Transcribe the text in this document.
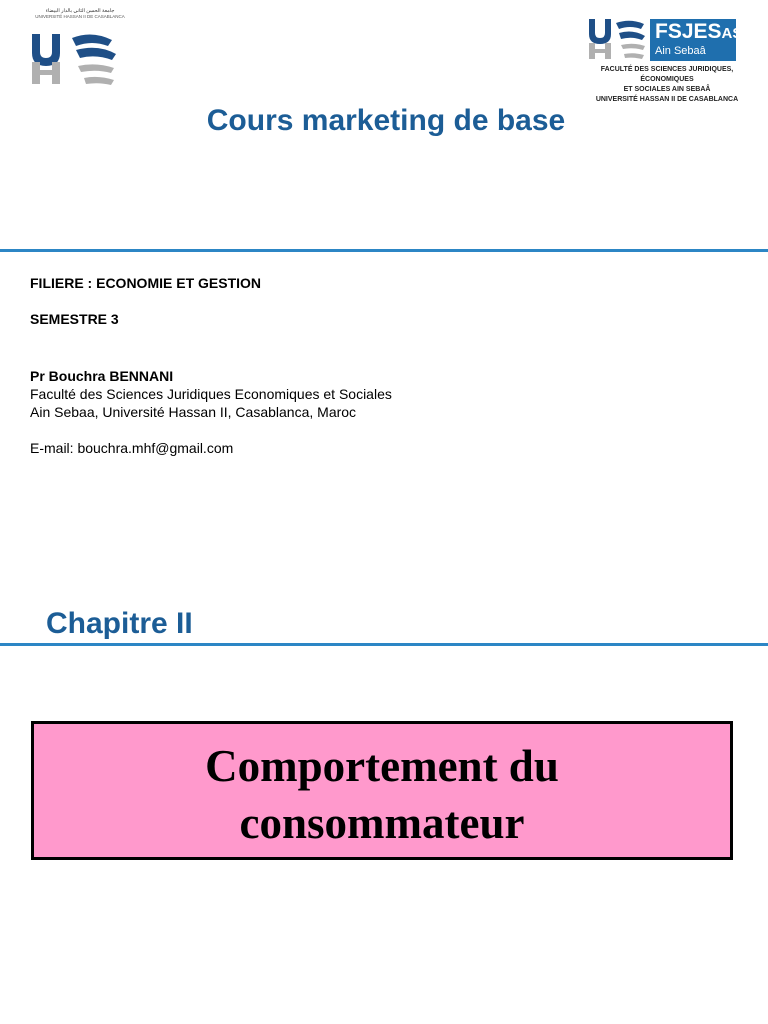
جامعة الحسن الثاني بالدار البيضاء
UNIVERSITÉ HASSAN II DE CASABLANCA
FSJESAS
Ain Sebaâ
FACULTÉ DES SCIENCES JURIDIQUES, ÉCONOMIQUES
ET SOCIALES AIN SEBAÂ
UNIVERSITÉ HASSAN II DE CASABLANCA
Cours marketing de base
FILIERE : ECONOMIE ET GESTION
SEMESTRE 3
Pr Bouchra BENNANI
Faculté des Sciences Juridiques Economiques et Sociales
Ain Sebaa, Université Hassan II, Casablanca, Maroc
E-mail: bouchra.mhf@gmail.com
Chapitre II
Comportement du
consommateur
